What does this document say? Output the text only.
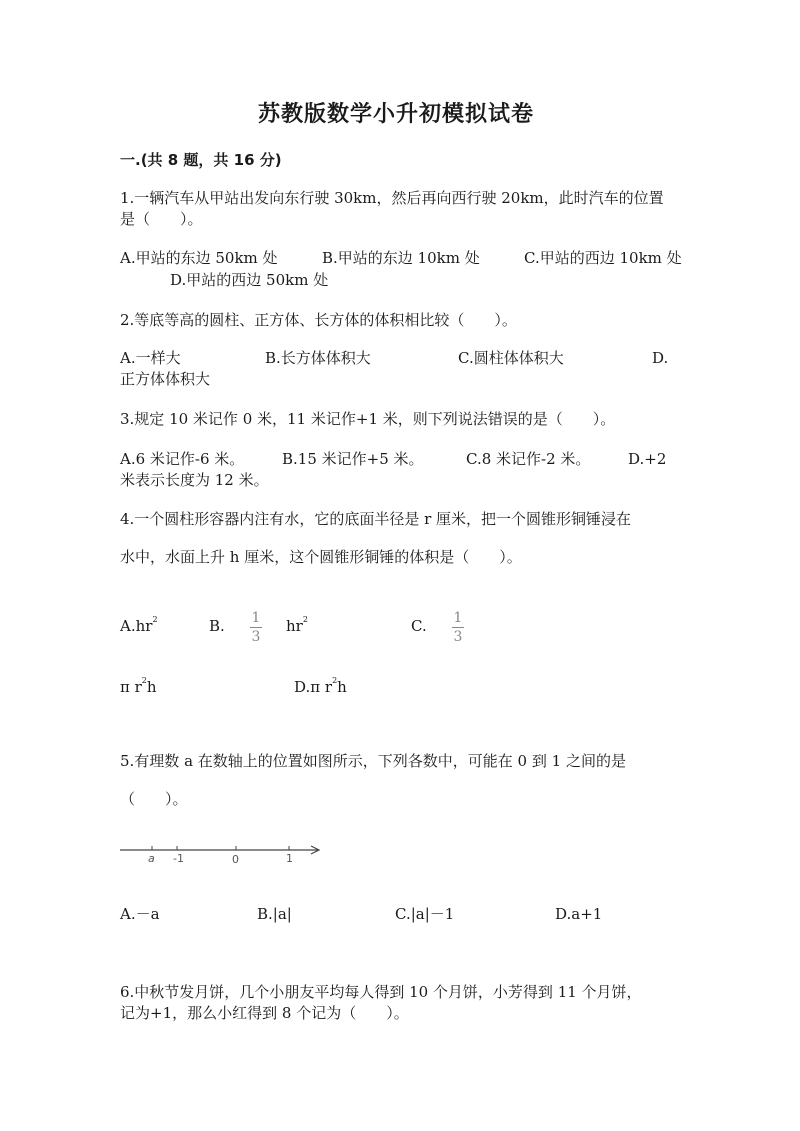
苏教版数学小升初模拟试卷
一.(共 8 题，共 16 分)
1.一辆汽车从甲站出发向东行驶 30km，然后再向西行驶 20km，此时汽车的位置
是（　　）。
A.甲站的东边 50km 处	B.甲站的东边 10km 处	C.甲站的西边 10km 处
D.甲站的西边 50km 处
2.等底等高的圆柱、正方体、长方体的体积相比较（　　）。
A.一样大	B.长方体体积大	C.圆柱体体积大	D.
正方体体积大
3.规定 10 米记作 0 米，11 米记作+1 米，则下列说法错误的是（　　）。
A.6 米记作-6 米。	B.15 米记作+5 米。	C.8 米记作-2 米。	D.+2
米表示长度为 12 米。
4.一个圆柱形容器内注有水，它的底面半径是 r 厘米，把一个圆锥形铜锤浸在
水中，水面上升 h 厘米，这个圆锥形铜锤的体积是（　　）。
$A.hr^2$	B. 1
3
$hr^2$	C. 1
3
π $r^2h$	D.π $r^2h$
5.有理数 a 在数轴上的位置如图所示，下列各数中，可能在 0 到 1 之间的是
（　　）。
a -1	0	1
A.－a	B.|a|	C.|a|－1	D.a+1
6.中秋节发月饼，几个小朋友平均每人得到 10 个月饼，小芳得到 11 个月饼，
记为+1，那么小红得到 8 个记为（　　）。
